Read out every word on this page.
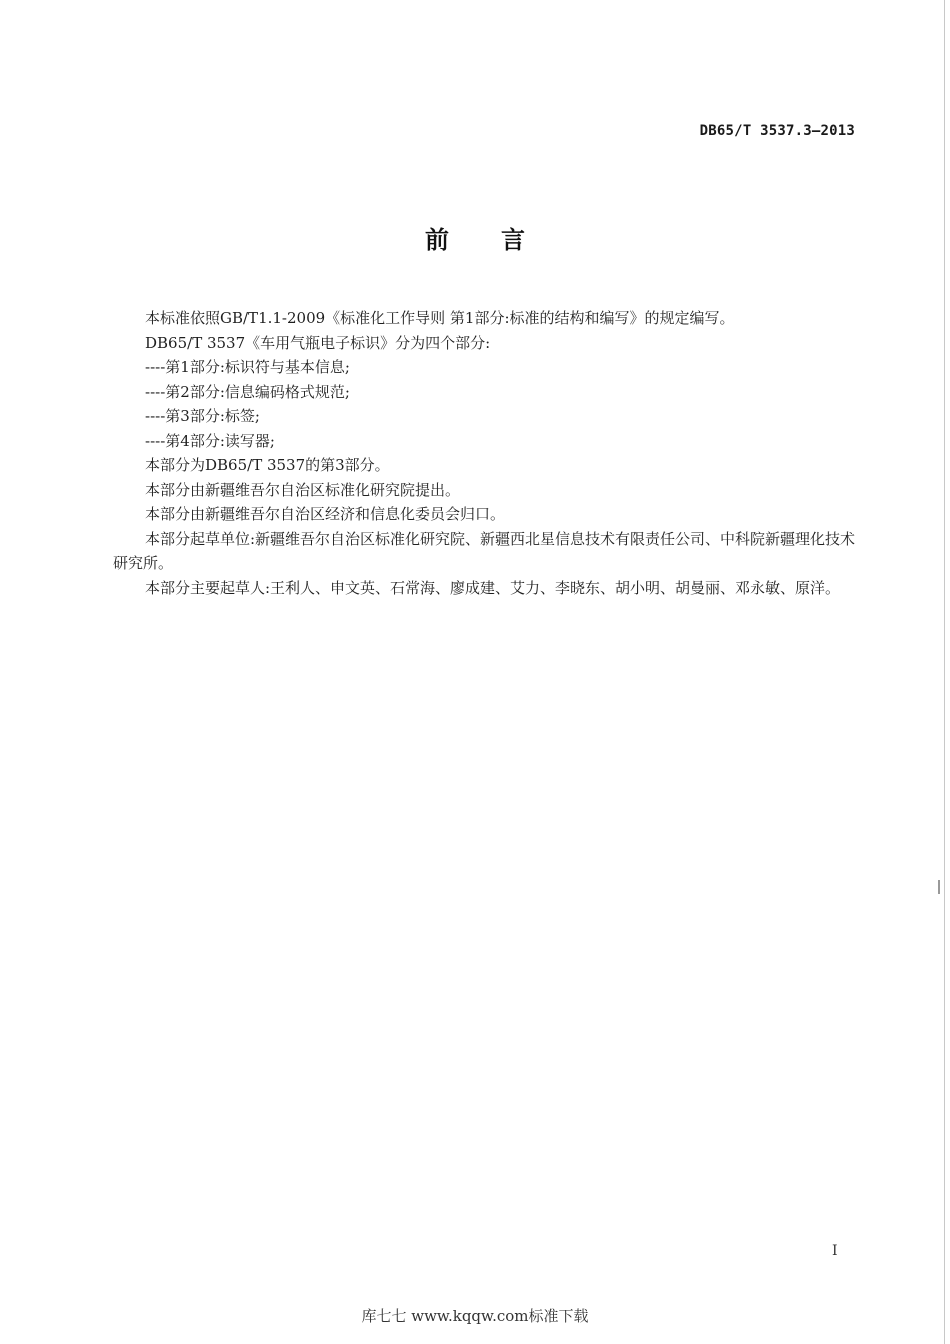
DB65/T 3537.3—2013
前言

本标准依照GB/T1.1-2009《标准化工作导则 第1部分:标准的结构和编写》的规定编写。

DB65/T 3537《车用气瓶电子标识》分为四个部分:

----第1部分:标识符与基本信息;

----第2部分:信息编码格式规范;

----第3部分:标签;

----第4部分:读写器;

本部分为DB65/T 3537的第3部分。

本部分由新疆维吾尔自治区标准化研究院提出。

本部分由新疆维吾尔自治区经济和信息化委员会归口。

本部分起草单位:新疆维吾尔自治区标准化研究院、新疆西北星信息技术有限责任公司、中科院新疆理化技术研究所。

本部分主要起草人:王利人、申文英、石常海、廖成建、艾力、李晓东、胡小明、胡曼丽、邓永敏、原洋。

I
库七七 www.kqqw.com标准下载
